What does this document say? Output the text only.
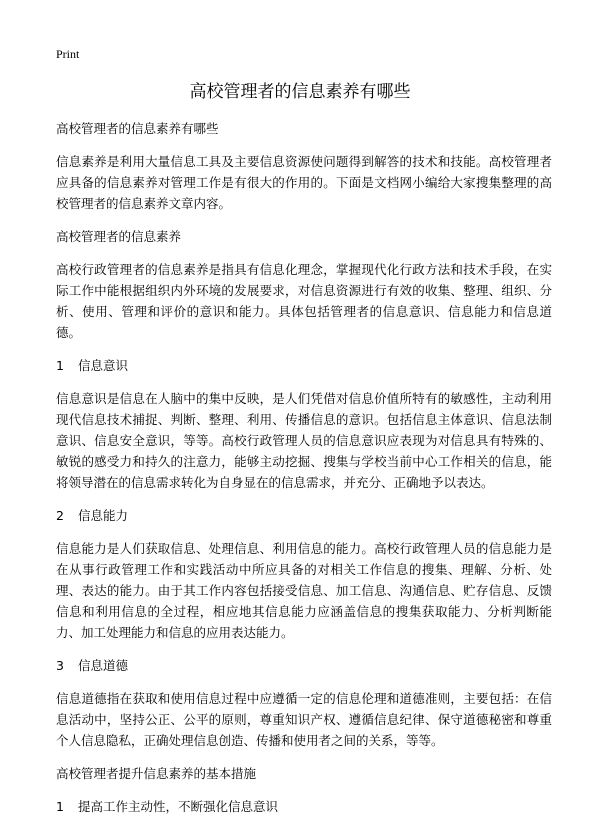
Print
高校管理者的信息素养有哪些

高校管理者的信息素养有哪些

信息素养是利用大量信息工具及主要信息资源使问题得到解答的技术和技能。高校管理者应具备的信息素养对管理工作是有很大的作用的。下面是文档网小编给大家搜集整理的高校管理者的信息素养文章内容。

高校管理者的信息素养

高校行政管理者的信息素养是指具有信息化理念，掌握现代化行政方法和技术手段，在实际工作中能根据组织内外环境的发展要求，对信息资源进行有效的收集、整理、组织、分析、使用、管理和评价的意识和能力。具体包括管理者的信息意识、信息能力和信息道德。

1 信息意识

信息意识是信息在人脑中的集中反映，是人们凭借对信息价值所特有的敏感性，主动利用现代信息技术捕捉、判断、整理、利用、传播信息的意识。包括信息主体意识、信息法制意识、信息安全意识，等等。高校行政管理人员的信息意识应表现为对信息具有特殊的、敏锐的感受力和持久的注意力，能够主动挖掘、搜集与学校当前中心工作相关的信息，能将领导潜在的信息需求转化为自身显在的信息需求，并充分、正确地予以表达。

2 信息能力

信息能力是人们获取信息、处理信息、利用信息的能力。高校行政管理人员的信息能力是在从事行政管理工作和实践活动中所应具备的对相关工作信息的搜集、理解、分析、处理、表达的能力。由于其工作内容包括接受信息、加工信息、沟通信息、贮存信息、反馈信息和利用信息的全过程，相应地其信息能力应涵盖信息的搜集获取能力、分析判断能力、加工处理能力和信息的应用表达能力。

3 信息道德

信息道德指在获取和使用信息过程中应遵循一定的信息伦理和道德准则，主要包括：在信息活动中，坚持公正、公平的原则，尊重知识产权、遵循信息纪律、保守道德秘密和尊重个人信息隐私，正确处理信息创造、传播和使用者之间的关系，等等。

高校管理者提升信息素养的基本措施

1 提高工作主动性，不断强化信息意识
